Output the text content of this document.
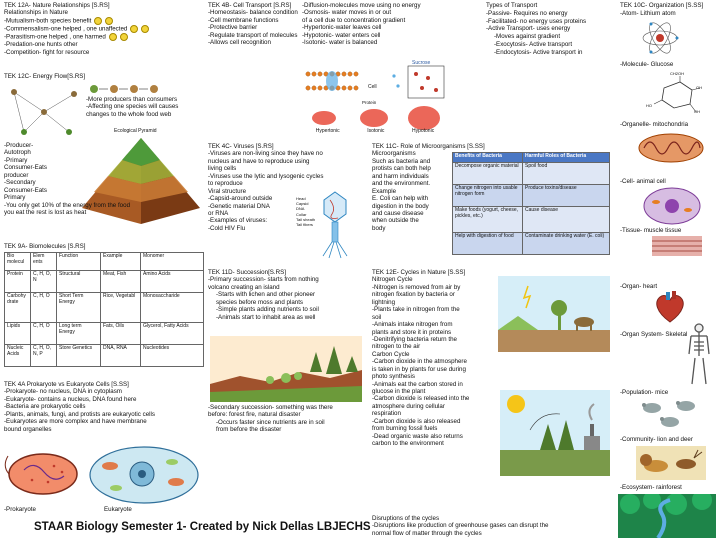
TEK 12A- Nature Relationships [S.RS]
Relationships in Nature
-Mutualism-both species benefit
-Commensalism-one helped , one unaffected
-Parasitism-one helped , one harmed
-Predation-one hunts other
-Competition- fight for resource
TEK 12C- Energy Flow[S.RS]
-More producers than consumers
-Affecting one species will causes
changes to the whole food web
Ecological Pyramid
-Producer-
Autotroph
-Primary
Consumer-Eats
producer
-Secondary
Consumer-Eats
Primary
-You only get 10% of the energy from the food
you eat the rest is lost as heat
TEK 9A- Biomolecules [S.RS]
Bio molecul	Elem ents	Function	Example	Monomer
Protein	C, H, O, N	Structural	Meat, Fish	Amino Acids
Carbohy drate	C, H, O	Short Term Energy	Rice, Vegetabl	Monosaccharide
Lipids	C, H, O	Long term Energy	Fats, Oils	Glycerol, Fatty Acids
Nucleic Acids	C, H, O, N, P	Store Genetics	DNA, RNA	Nucleotides
TEK 4A Prokaryote vs Eukaryote Cells [S.SS]
-Prokaryote- no nucleus, DNA in cytoplasm
-Eukaryote- contains a nucleus, DNA found here
-Bacteria are prokaryotic cells
-Plants, animals, fungi, and protists are eukaryotic cells
-Eukaryotes are more complex and have membrane
bound organelles
-Prokaryote	Eukaryote
TEK 4B- Cell Transport [S.RS]
-Homeostasis- balance condition
-Cell membrane functions
-Protective barrier
-Regulate transport of molecules
-Allows cell recognition
-Diffusion-molecules move using no energy
-Osmosis- water moves in or out
of a cell due to concentration gradient
-Hypertonic-water leaves cell
-Hypotonic- water enters cell
-Isotonic- water is balanced
Cell
Sucrose
Protein
Hypertonic	Isotonic	Hypotonic
TEK 4C- Viruses [S.RS]
-Viruses are non-living since they have no
nucleus and have to reproduce using
living cells
-Viruses use the lytic and lysogenic cycles
to reproduce
Viral structure
-Capsid-around outside
-Genetic material DNA
or RNA
-Examples of viruses:
-Cold HIV Flu
Head
Capsid
DNA
Collar
Tail sheath
Tail fibers
TEK 11D- Succession[S.RS]
-Primary succession- starts from nothing
volcano creating an island
-Starts with lichen and other pioneer
species before moss and plants
-Simple plants adding nutrients to soil
-Animals start to inhabit area as well
-Secondary succession- something was there
before: forest fire, natural disaster
-Occurs faster since nutrients are in soil
from before the disaster
STAAR Biology Semester 1- Created by Nick Dellas LBJECHS
Types of Transport
-Passive- Requires no energy
-Facilitated- no energy uses proteins
-Active Transport- uses energy
-Moves against gradient
-Exocytosis- Active transport
-Endocytosis- Active transport in
TEK 11C- Role of Microorganisms [S.SS]
Microorganisms
Such as bacteria and
protists can both help
and harm individuals
and the environment.
Example
E. Coli can help with
digestion in the body
and cause disease
when outside the
body
Benefits of Bacteria	Harmful Roles of Bacteria
Decompose organic material	Spoil food
Change nitrogen into usable nitrogen form	Produce toxins/disease
Make foods (yogurt, cheese, pickles, etc.)	Cause disease
Help with digestion of food	Contaminate drinking water (E. coli)
TEK 12E- Cycles in Nature [S.SS]
Nitrogen Cycle
-Nitrogen is removed from air by
nitrogen fixation by bacteria or
lightning
-Plants take in nitrogen from the
soil
-Animals intake nitrogen from
plants and store it in proteins
-Denitrifying bacteria return the
nitrogen to the air
Carbon Cycle
-Carbon dioxide in the atmosphere
is taken in by plants for use during
photo synthesis
-Animals eat the carbon stored in
glucose in the plant
-Carbon dioxide is released into the
atmosphere during cellular
respiration
-Carbon dioxide is also released
from burning fossil fuels
-Dead organic waste also returns
carbon to the environment
Disruptions of the cycles
-Disruptions like production of greenhouse gases can disrupt the
normal flow of matter through the cycles
TEK 10C- Organization [S.SS]
-Atom- Lithium atom
-Molecule- Glucose
CH2OH
OH
HO
OH
-Organelle- mitochondria
-Cell- animal cell
-Tissue- muscle tissue
-Organ- heart
-Organ System- Skeletal
-Population- mice
-Community- lion and deer
-Ecosystem- rainforest
